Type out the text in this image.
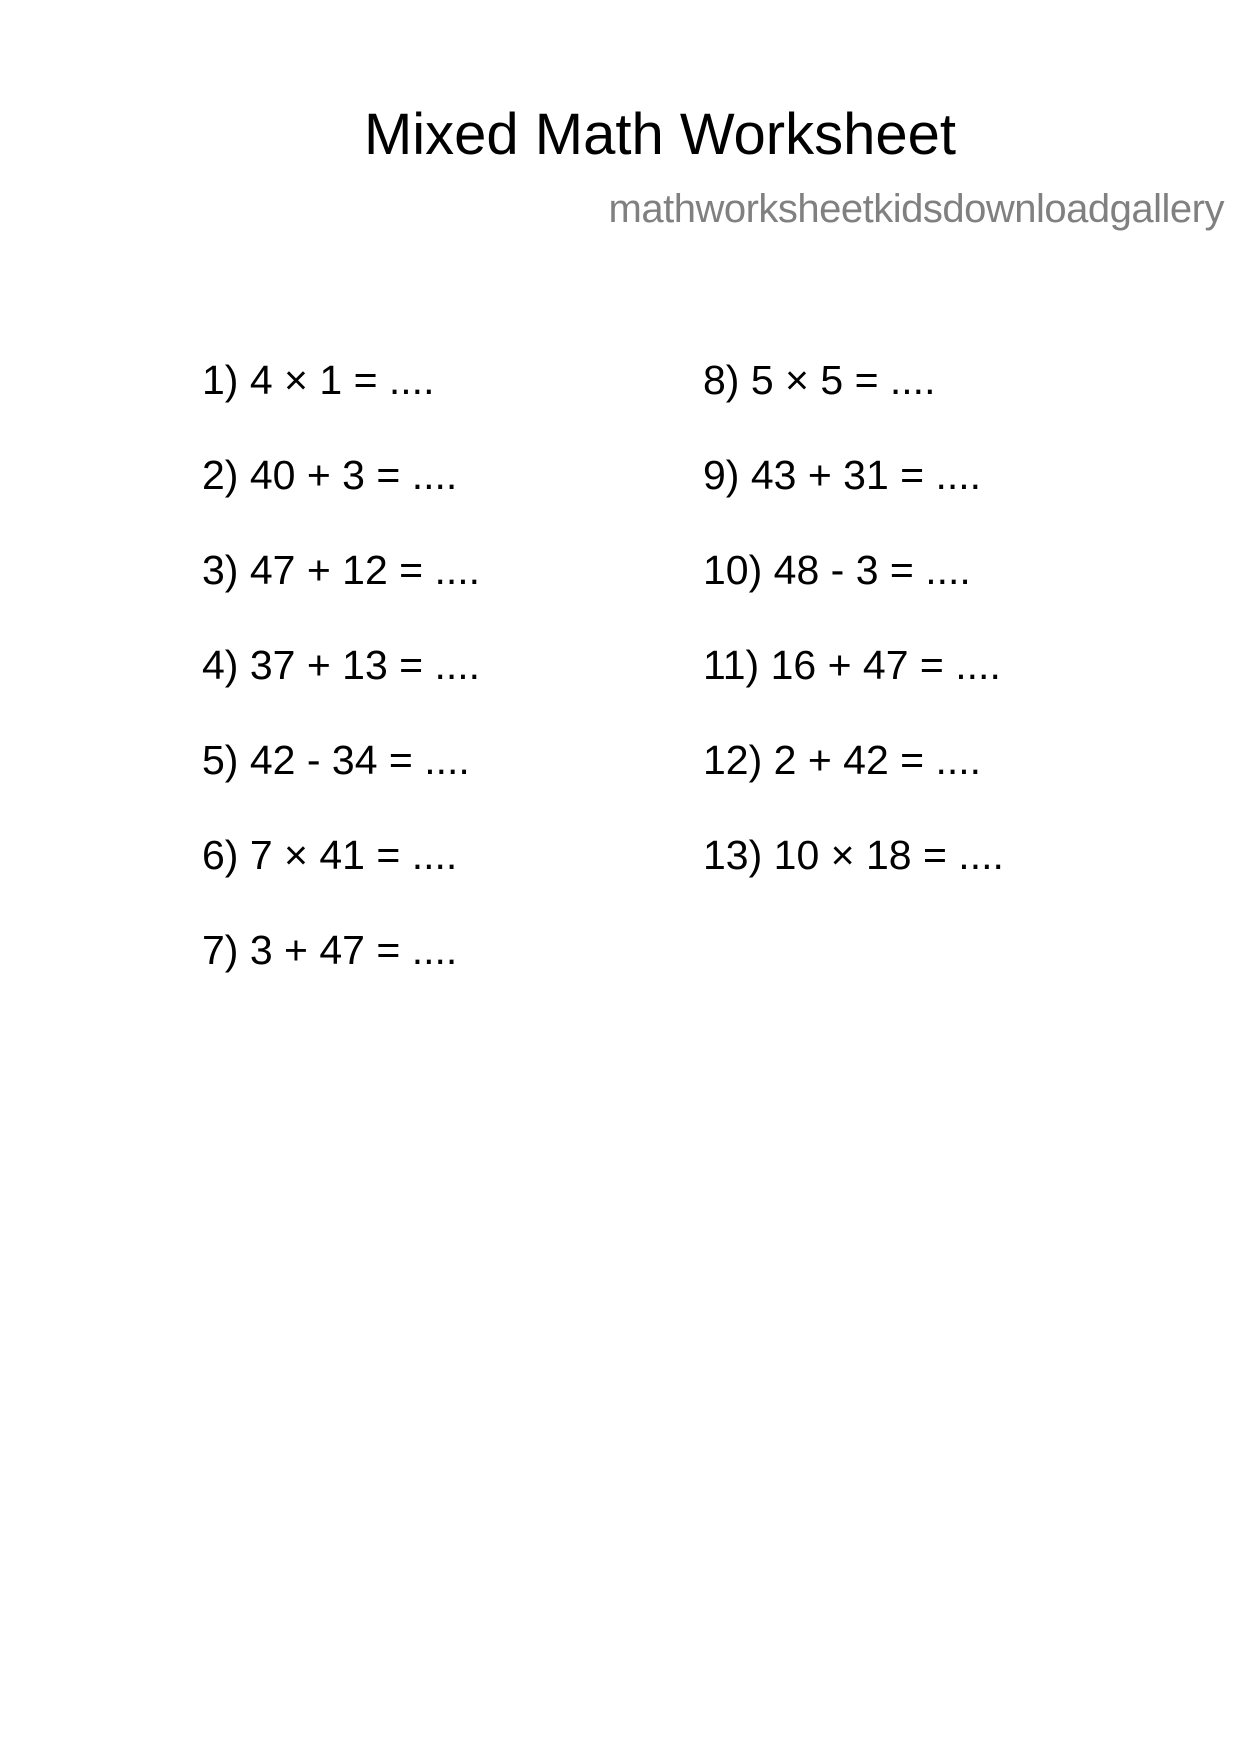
Mixed Math Worksheet
mathworksheetkidsdownloadgallery
1) 4 × 1 = ....
2) 40 + 3 = ....
3) 47 + 12 = ....
4) 37 + 13 = ....
5) 42 - 34 = ....
6) 7 × 41 = ....
7) 3 + 47 = ....
8) 5 × 5 = ....
9) 43 + 31 = ....
10) 48 - 3 = ....
11) 16 + 47 = ....
12) 2 + 42 = ....
13) 10 × 18 = ....
